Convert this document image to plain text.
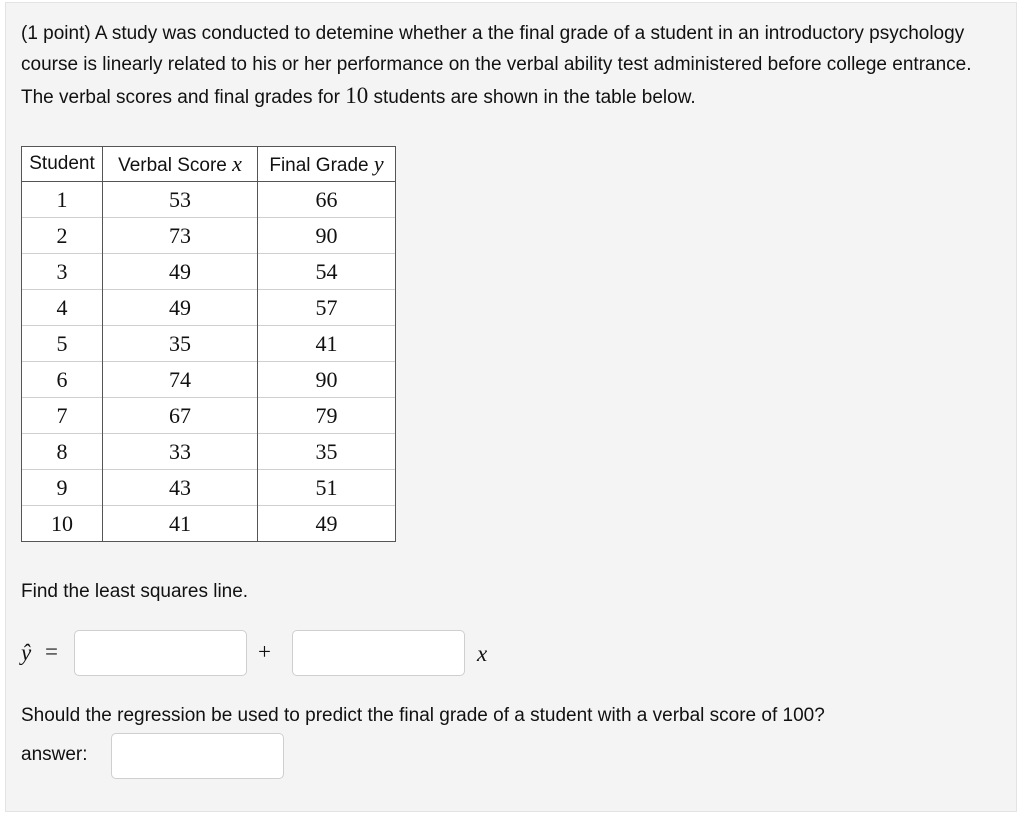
(1 point) A study was conducted to detemine whether a the final grade of a student in an introductory psychology course is linearly related to his or her performance on the verbal ability test administered before college entrance. The verbal scores and final grades for 10 students are shown in the table below.

Student	Verbal Score x	Final Grade y
1	53	66
2	73	90
3	49	54
4	49	57
5	35	41
6	74	90
7	67	79
8	33	35
9	43	51
10	41	49

Find the least squares line.

ŷ =	+	x

Should the regression be used to predict the final grade of a student with a verbal score of 100?

answer:
